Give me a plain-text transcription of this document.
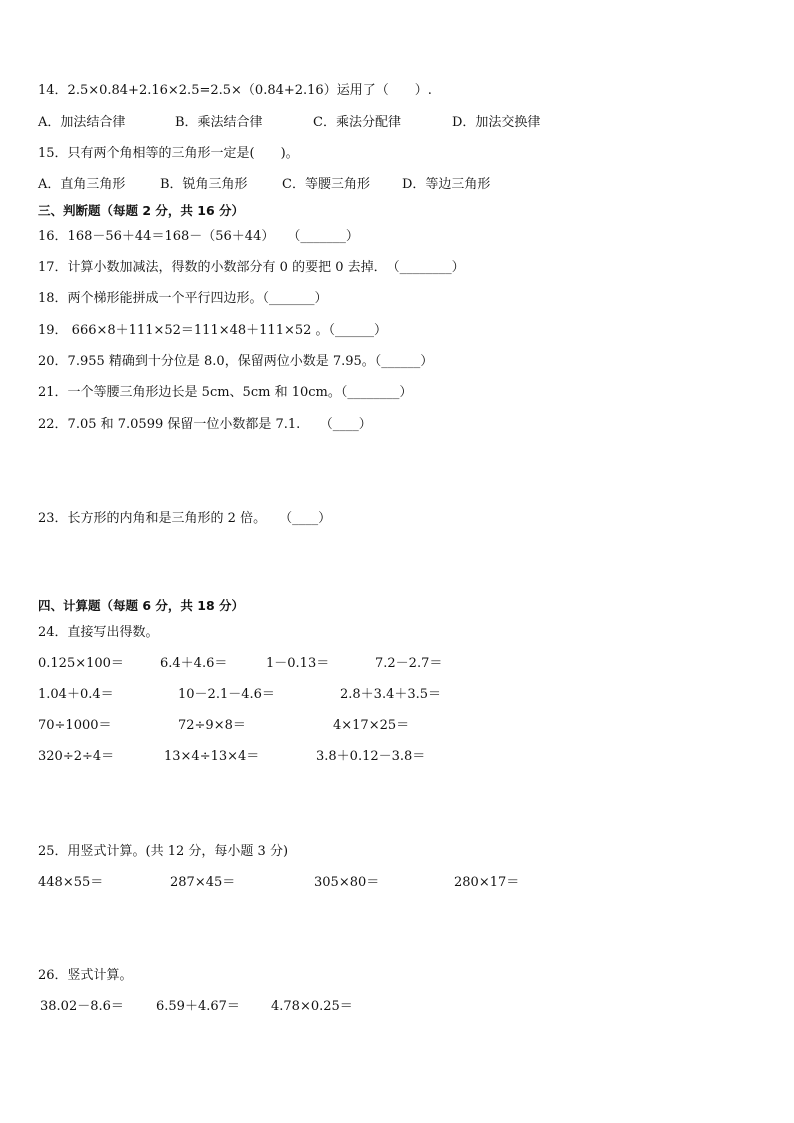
14．2.5×0.84+2.16×2.5=2.5×（0.84+2.16）运用了（　　）.
A．加法结合律	B．乘法结合律	C．乘法分配律	D．加法交换律
15．只有两个角相等的三角形一定是(　　)。
A．直角三角形	B．锐角三角形	C．等腰三角形 D．等边三角形
三、判断题（每题 2 分，共 16 分）
16．168－56＋44＝168－（56＋44）　　（_______）
17．计算小数加减法，得数的小数部分有 0 的要把 0 去掉．　（________）
18．两个梯形能拼成一个平行四边形。（_______）
19． 666×8＋111×52＝111×48＋111×52 。（______）
20．7.955 精确到十分位是 8.0，保留两位小数是 7.95。（______）
21．一个等腰三角形边长是 5cm、5cm 和 10cm。（________）
22．7.05 和 7.0599 保留一位小数都是 7.1.　　（____）
23．长方形的内角和是三角形的 2 倍。　　（____）
四、计算题（每题 6 分，共 18 分）
24．直接写出得数。
0.125×100＝	6.4＋4.6＝	1－0.13＝	7.2－2.7＝
1.04＋0.4＝	10－2.1－4.6＝	2.8＋3.4＋3.5＝
70÷1000＝	72÷9×8＝	4×17×25＝
320÷2÷4＝	13×4÷13×4＝	3.8＋0.12－3.8＝
25．用竖式计算。(共 12 分，每小题 3 分)
448×55＝	287×45＝	305×80＝	280×17＝
26．竖式计算。
38.02－8.6＝ 6.59＋4.67＝ 4.78×0.25＝
